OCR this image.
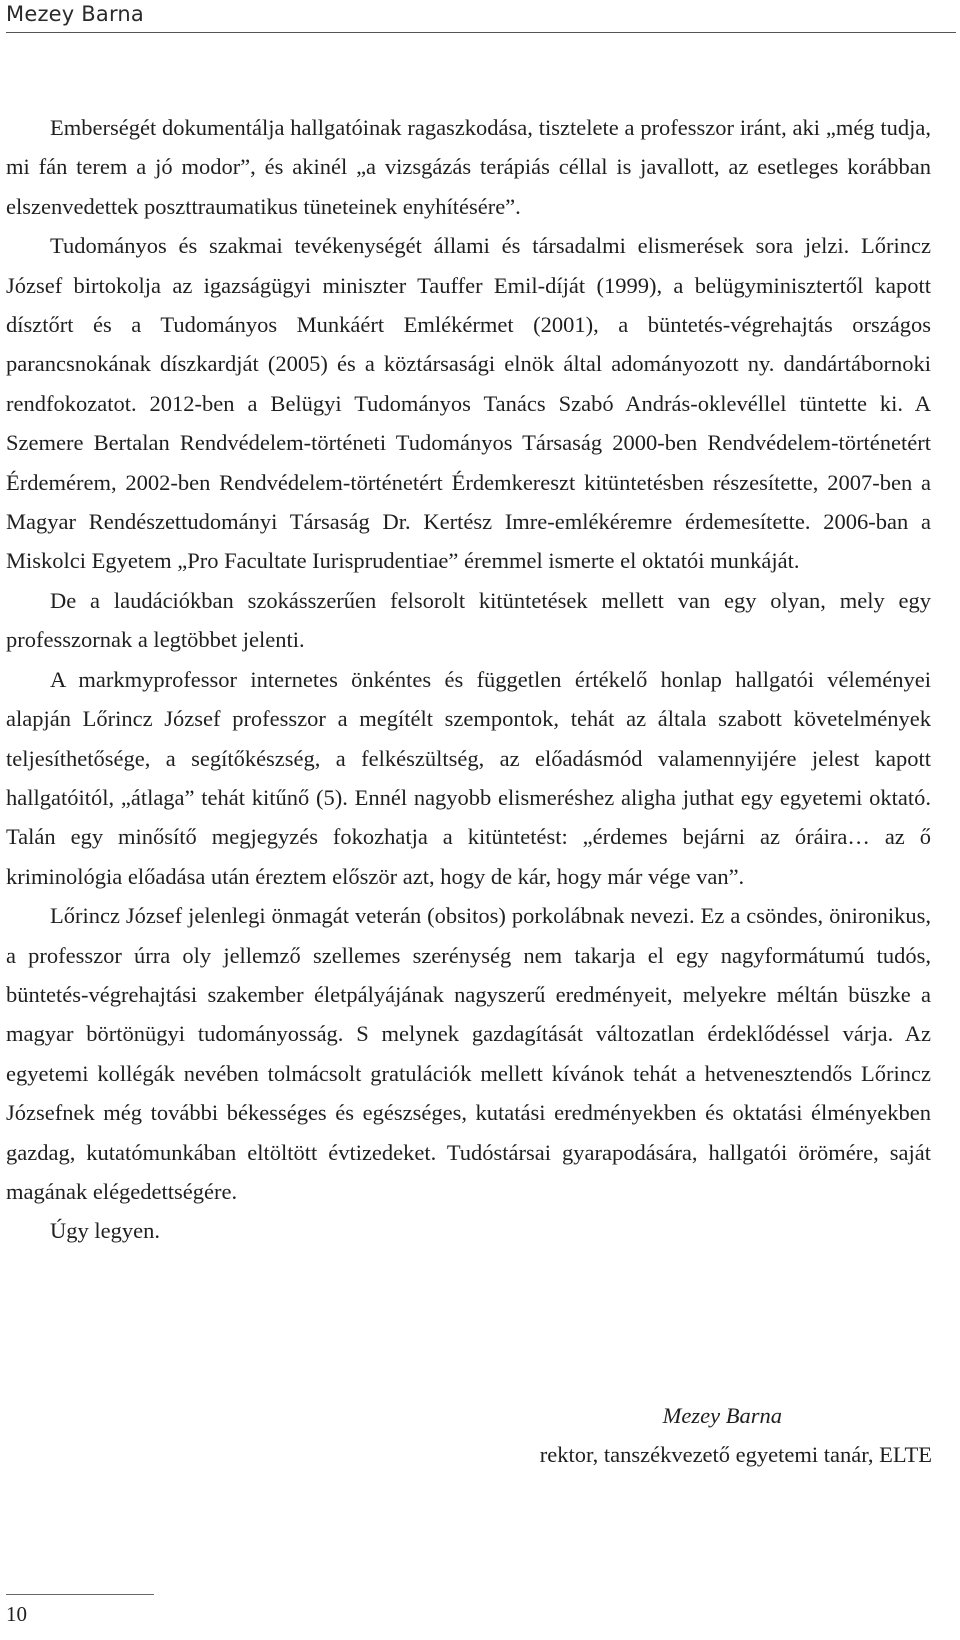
Mezey Barna

Emberségét dokumentálja hallgatóinak ragaszkodása, tisztelete a professzor iránt, aki „még tudja, mi fán terem a jó modor”, és akinél „a vizsgázás terápiás céllal is javallott, az esetleges korábban elszenvedettek poszttraumatikus tüneteinek enyhítésére”.

Tudományos és szakmai tevékenységét állami és társadalmi elismerések sora jelzi. Lőrincz József birtokolja az igazságügyi miniszter Tauffer Emil-díját (1999), a belügyminisztertől kapott dísztőrt és a Tudományos Munkáért Emlékérmet (2001), a büntetés-végrehajtás országos parancsnokának díszkardját (2005) és a köztársasági elnök által adományozott ny. dandártábornoki rendfokozatot. 2012-ben a Belügyi Tudományos Tanács Szabó András-oklevéllel tüntette ki. A Szemere Bertalan Rendvédelem-történeti Tudományos Társaság 2000-ben Rendvédelem-történetért Érdemérem, 2002-ben Rendvédelem-történetért Érdemkereszt kitüntetésben részesítette, 2007-ben a Magyar Rendészettudományi Társaság Dr. Kertész Imre-emlékéremre érdemesítette. 2006-ban a Miskolci Egyetem „Pro Facultate Iurisprudentiae” éremmel ismerte el oktatói munkáját.

De a laudációkban szokásszerűen felsorolt kitüntetések mellett van egy olyan, mely egy professzornak a legtöbbet jelenti.

A markmyprofessor internetes önkéntes és független értékelő honlap hallgatói véleményei alapján Lőrincz József professzor a megítélt szempontok, tehát az általa szabott követelmények teljesíthetősége, a segítőkészség, a felkészültség, az előadásmód valamennyijére jelest kapott hallgatóitól, „átlaga” tehát kitűnő (5). Ennél nagyobb elismeréshez aligha juthat egy egyetemi oktató. Talán egy minősítő megjegyzés fokozhatja a kitüntetést: „érdemes bejárni az óráira… az ő kriminológia előadása után éreztem először azt, hogy de kár, hogy már vége van”.

Lőrincz József jelenlegi önmagát veterán (obsitos) porkolábnak nevezi. Ez a csöndes, önironikus, a professzor úrra oly jellemző szellemes szerénység nem takarja el egy nagyformátumú tudós, büntetés-végrehajtási szakember életpályájának nagyszerű eredményeit, melyekre méltán büszke a magyar börtönügyi tudományosság. S melynek gazdagítását változatlan érdeklődéssel várja. Az egyetemi kollégák nevében tolmácsolt gratulációk mellett kívánok tehát a hetvenesztendős Lőrincz Józsefnek még további békességes és egészséges, kutatási eredményekben és oktatási élményekben gazdag, kutatómunkában eltöltött évtizedeket. Tudóstársai gyarapodására, hallgatói örömére, saját magának elégedettségére.

Úgy legyen.

Mezey Barna
rektor, tanszékvezető egyetemi tanár, ELTE
10
